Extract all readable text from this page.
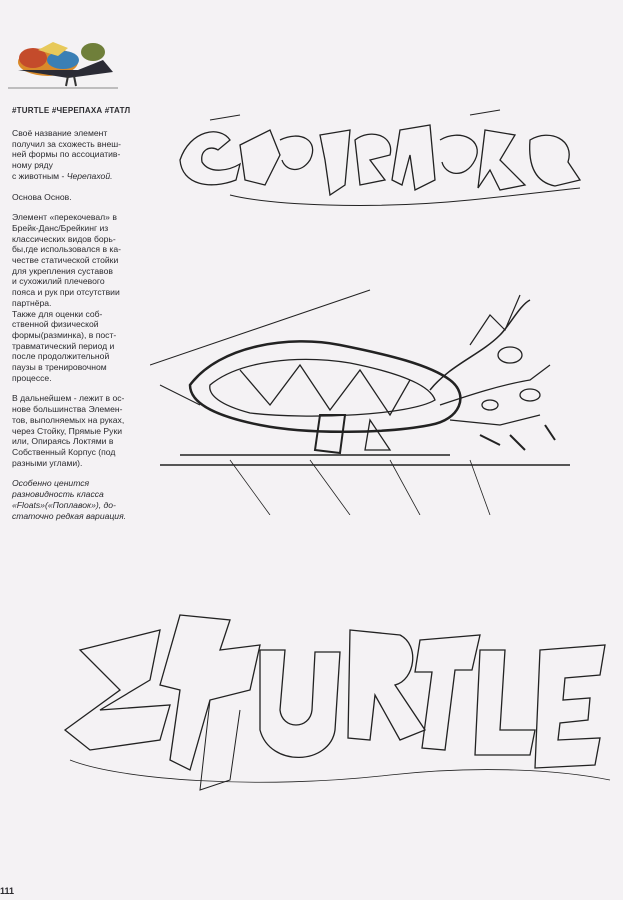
#TURTLE #ЧЕРЕПАХА #ТАТЛ

Своё название элемент
получил за схожесть внеш-
ней формы по ассоциатив-
ному ряду
с животным - Черепахой.

Основа Основ.

Элемент «перекочевал» в
Брейк-Данс/Брейкинг из
классических видов борь-
бы,где использовался в ка-
честве статической стойки
для укрепления суставов
и сухожилий плечевого
пояса и рук при отсутствии
партнёра.

Также для оценки соб-
ственной физической
формы(разминка), в пост-
травматический период и
после продолжительной
паузы в тренировочном
процессе.

В дальнейшем - лежит в ос-
нове большинства Элемен-
тов, выполняемых на руках,
через Стойку, Прямые Руки
или, Опираясь Локтями в
Собственный Корпус (под
разными углами).

Особенно ценится
разновидность класса
«Floats»(«Поплавок»), до-
статочно редкая вариация.

111
